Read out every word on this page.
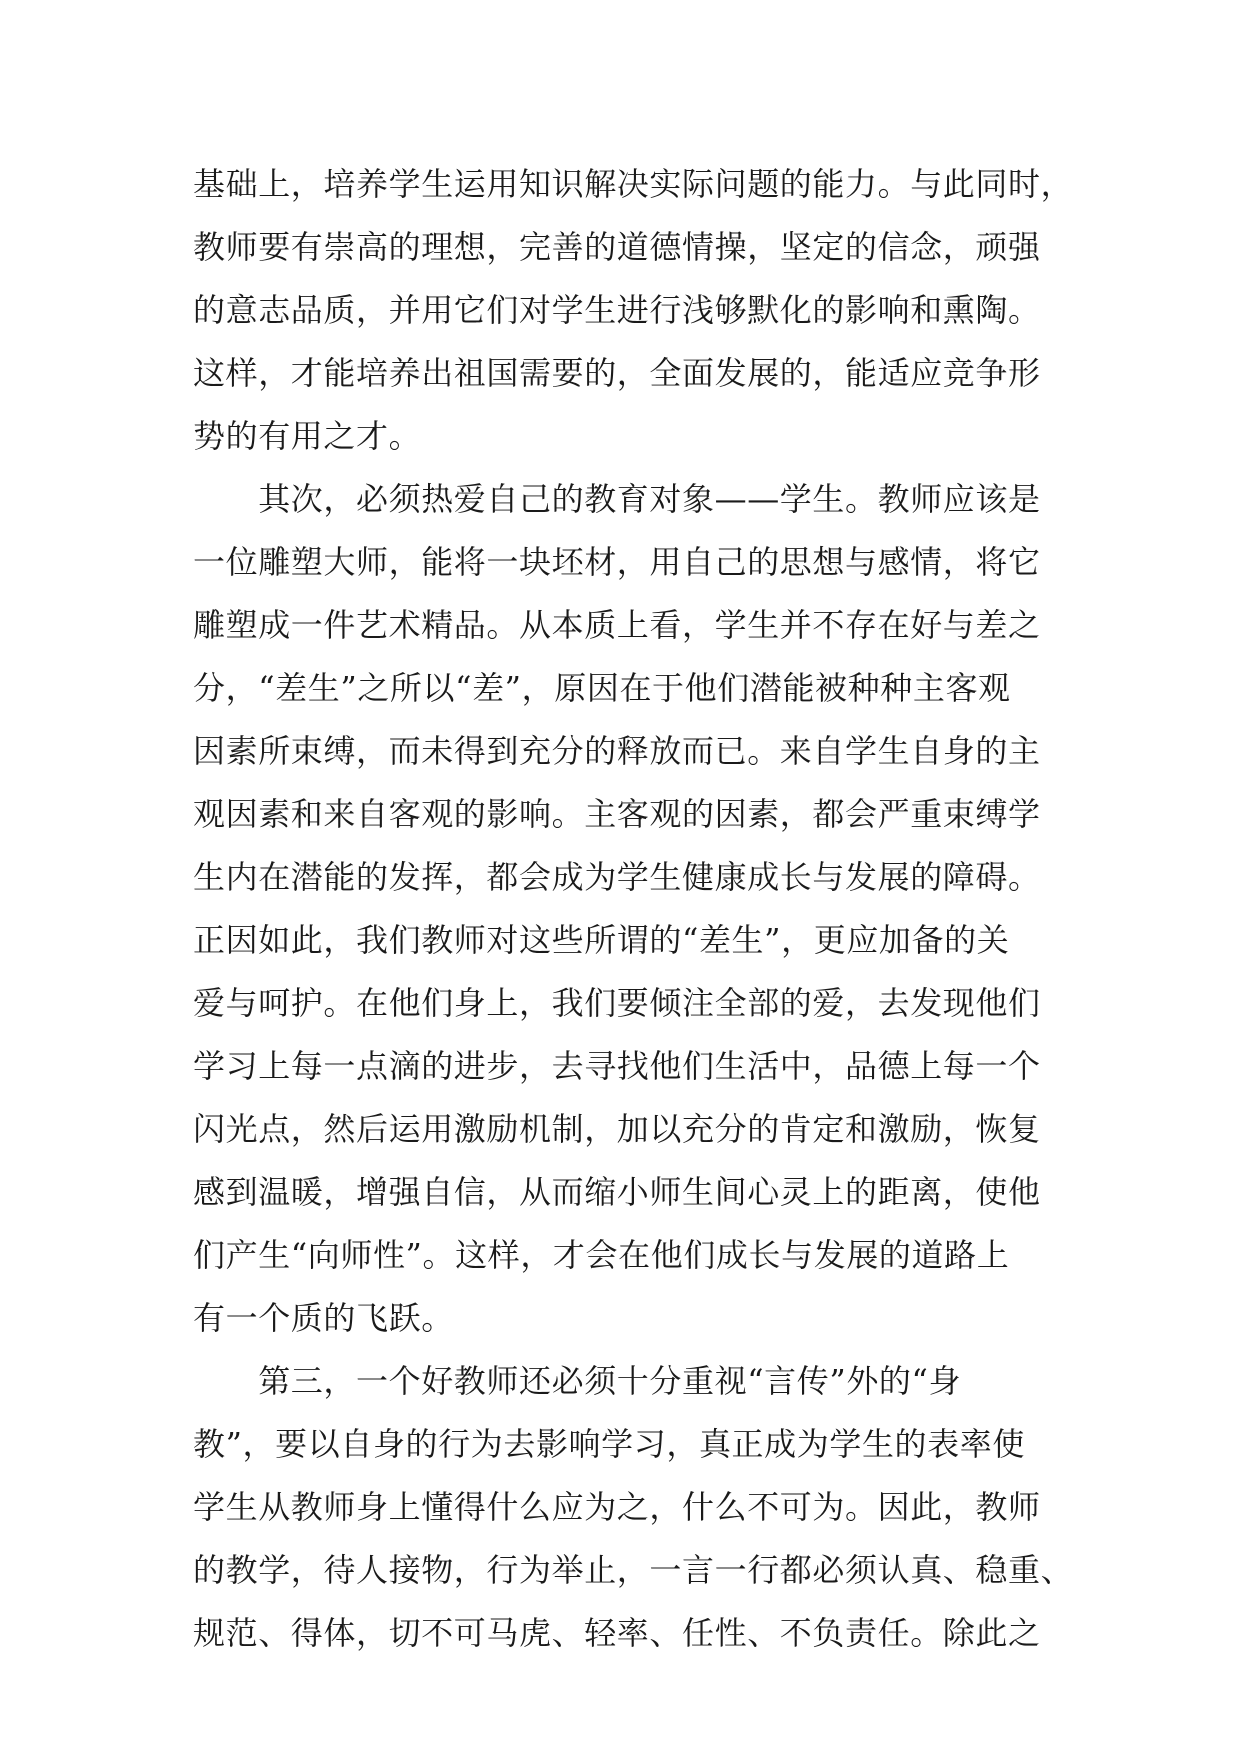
基础上，培养学生运用知识解决实际问题的能力。与此同时，
教师要有崇高的理想，完善的道德情操，坚定的信念，顽强
的意志品质，并用它们对学生进行浅够默化的影响和熏陶。
这样，才能培养出祖国需要的，全面发展的，能适应竞争形
势的有用之才。
　　其次，必须热爱自己的教育对象——学生。教师应该是
一位雕塑大师，能将一块坯材，用自己的思想与感情，将它
雕塑成一件艺术精品。从本质上看，学生并不存在好与差之
分，“差生”之所以“差”，原因在于他们潜能被种种主客观
因素所束缚，而未得到充分的释放而已。来自学生自身的主
观因素和来自客观的影响。主客观的因素，都会严重束缚学
生内在潜能的发挥，都会成为学生健康成长与发展的障碍。
正因如此，我们教师对这些所谓的“差生”，更应加备的关
爱与呵护。在他们身上，我们要倾注全部的爱，去发现他们
学习上每一点滴的进步，去寻找他们生活中，品德上每一个
闪光点，然后运用激励机制，加以充分的肯定和激励，恢复
感到温暖，增强自信，从而缩小师生间心灵上的距离，使他
们产生“向师性”。这样，才会在他们成长与发展的道路上
有一个质的飞跃。
　　第三，一个好教师还必须十分重视“言传”外的“身
教”，要以自身的行为去影响学习，真正成为学生的表率使
学生从教师身上懂得什么应为之，什么不可为。因此，教师
的教学，待人接物，行为举止，一言一行都必须认真、稳重、
规范、得体，切不可马虎、轻率、任性、不负责任。除此之
